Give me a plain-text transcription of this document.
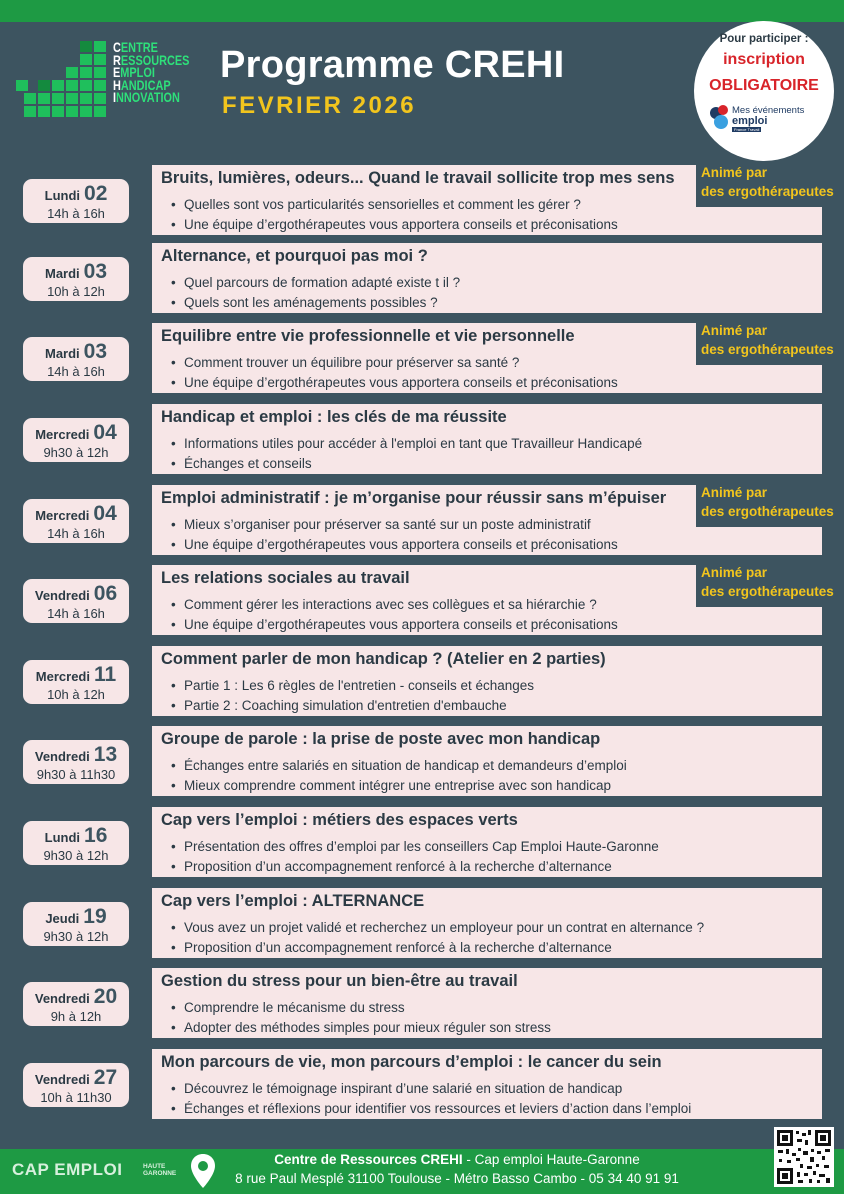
CENTRE
RESSOURCES
EMPLOI
HANDICAP
INNOVATION
Programme CREHI
FEVRIER 2026
Pour participer :
inscription
OBLIGATOIRE
Mes événements
emploi
France Travail
Bruits, lumières, odeurs... Quand le travail sollicite trop mes sens
• Quelles sont vos particularités sensorielles et comment les gérer ?
• Une équipe d’ergothérapeutes vous apportera conseils et préconisations
Lundi 02
14h à 16h
Animé par
des ergothérapeutes
Alternance, et pourquoi pas moi ?
• Quel parcours de formation adapté existe t il ?
• Quels sont les aménagements possibles ?
Mardi 03
10h à 12h
Equilibre entre vie professionnelle et vie personnelle
• Comment trouver un équilibre pour préserver sa santé ?
• Une équipe d’ergothérapeutes vous apportera conseils et préconisations
Mardi 03
14h à 16h
Animé par
des ergothérapeutes
Handicap et emploi : les clés de ma réussite
• Informations utiles pour accéder à l'emploi en tant que Travailleur Handicapé
• Échanges et conseils
Mercredi 04
9h30 à 12h
Emploi administratif : je m’organise pour réussir sans m’épuiser
• Mieux s’organiser pour préserver sa santé sur un poste administratif
• Une équipe d’ergothérapeutes vous apportera conseils et préconisations
Mercredi 04
14h à 16h
Animé par
des ergothérapeutes
Les relations sociales au travail
• Comment gérer les interactions avec ses collègues et sa hiérarchie ?
• Une équipe d’ergothérapeutes vous apportera conseils et préconisations
Vendredi 06
14h à 16h
Animé par
des ergothérapeutes
Comment parler de mon handicap ? (Atelier en 2 parties)
• Partie 1 : Les 6 règles de l'entretien - conseils et échanges
• Partie 2 : Coaching simulation d'entretien d'embauche
Mercredi 11
10h à 12h
Groupe de parole : la prise de poste avec mon handicap
• Échanges entre salariés en situation de handicap et demandeurs d’emploi
• Mieux comprendre comment intégrer une entreprise avec son handicap
Vendredi 13
9h30 à 11h30
Cap vers l’emploi : métiers des espaces verts
• Présentation des offres d’emploi par les conseillers Cap Emploi Haute-Garonne
• Proposition d’un accompagnement renforcé à la recherche d’alternance
Lundi 16
9h30 à 12h
Cap vers l’emploi : ALTERNANCE
• Vous avez un projet validé et recherchez un employeur pour un contrat en alternance ?
• Proposition d’un accompagnement renforcé à la recherche d’alternance
Jeudi 19
9h30 à 12h
Gestion du stress pour un bien-être au travail
• Comprendre le mécanisme du stress
• Adopter des méthodes simples pour mieux réguler son stress
Vendredi 20
9h à 12h
Mon parcours de vie, mon parcours d’emploi : le cancer du sein
• Découvrez le témoignage inspirant d’une salarié en situation de handicap
• Échanges et réflexions pour identifier vos ressources et leviers d’action dans l’emploi
Vendredi 27
10h à 11h30
CAP EMPLOI	HAUTE
GARONNE
Centre de Ressources CREHI - Cap emploi Haute-Garonne
8 rue Paul Mesplé 31100 Toulouse - Métro Basso Cambo - 05 34 40 91 91
